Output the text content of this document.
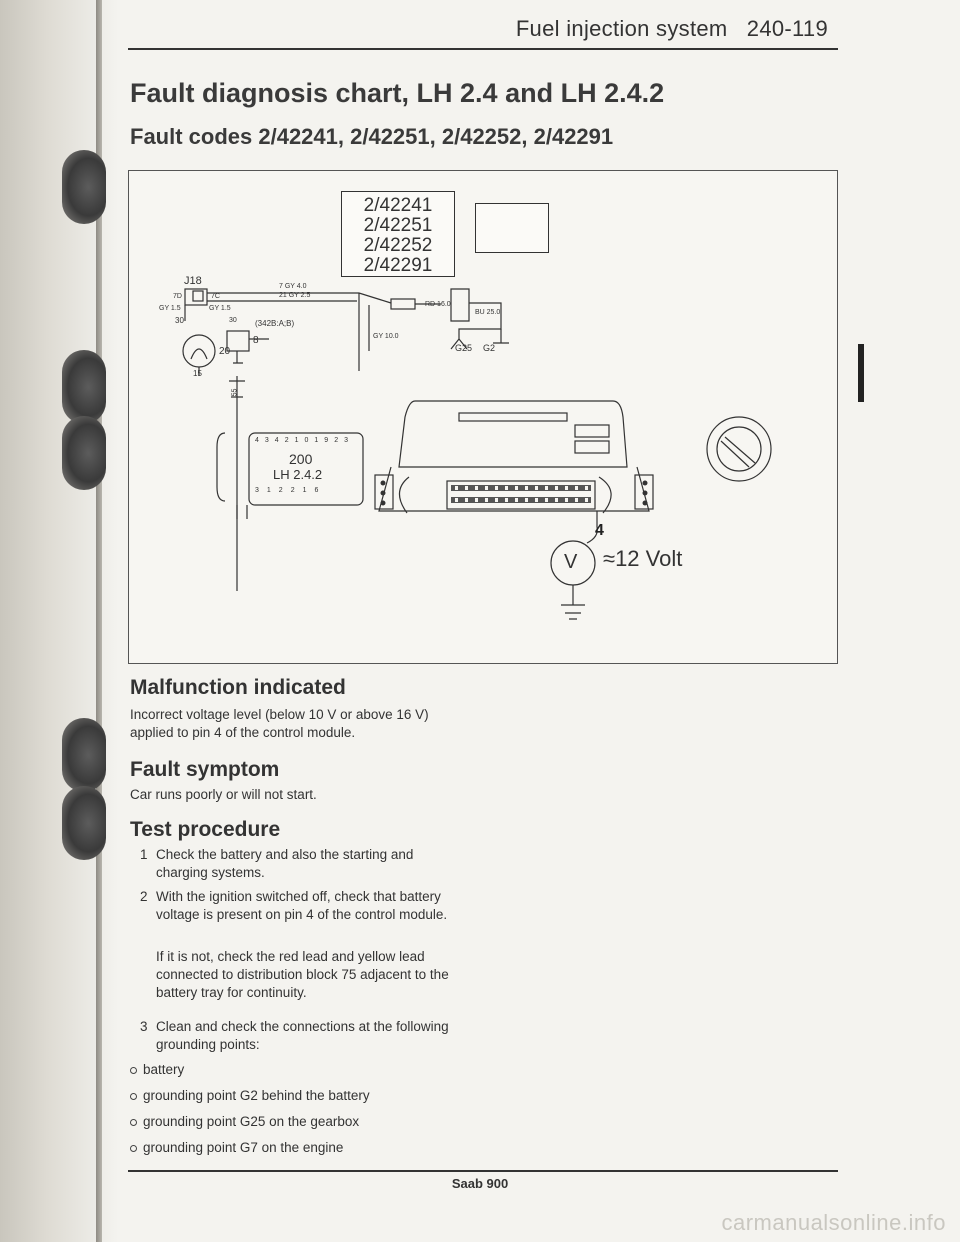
Fuel injection system 240-119
Fault diagnosis chart, LH 2.4 and LH 2.4.2
Fault codes 2/42241, 2/42251, 2/42252, 2/42291
2/42241
2/42251
2/42252
2/42291
J18	7 GY 4.0
21 GY 2.5
GY 1.5	GY 1.5
(342B:A;B)
GY 10.0
RD 16.0
BU 25.0
55
30
20
15
8
30
7C
7D
G25 G2
4342101923
200
LH 2.4.2
312216
4
V ≈12 Volt
Malfunction indicated
Incorrect voltage level (below 10 V or above 16 V) applied to pin 4 of the control module.
Fault symptom
Car runs poorly or will not start.
Test procedure
1 Check the battery and also the starting and charging systems.
2 With the ignition switched off, check that battery voltage is present on pin 4 of the control module.
If it is not, check the red lead and yellow lead connected to distribution block 75 adjacent to the battery tray for continuity.
3 Clean and check the connections at the following grounding points:
battery
grounding point G2 behind the battery
grounding point G25 on the gearbox
grounding point G7 on the engine
Saab 900
carmanualsonline.info
